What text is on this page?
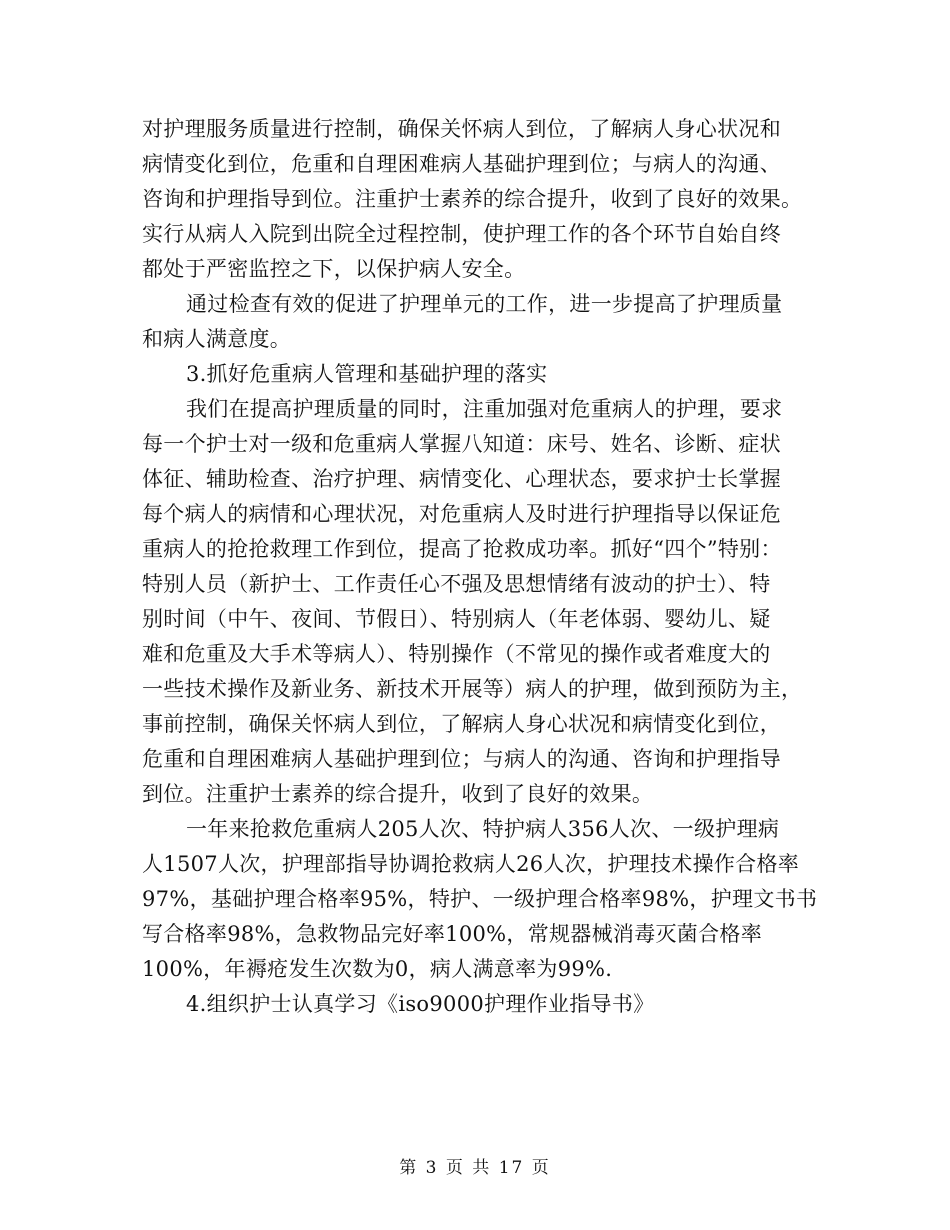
对护理服务质量进行控制，确保关怀病人到位，了解病人身心状况和
病情变化到位，危重和自理困难病人基础护理到位；与病人的沟通、
咨询和护理指导到位。注重护士素养的综合提升，收到了良好的效果。
实行从病人入院到出院全过程控制，使护理工作的各个环节自始自终
都处于严密监控之下，以保护病人安全。
通过检查有效的促进了护理单元的工作，进一步提高了护理质量
和病人满意度。
3.抓好危重病人管理和基础护理的落实
我们在提高护理质量的同时，注重加强对危重病人的护理，要求
每一个护士对一级和危重病人掌握八知道：床号、姓名、诊断、症状
体征、辅助检查、治疗护理、病情变化、心理状态，要求护士长掌握
每个病人的病情和心理状况，对危重病人及时进行护理指导以保证危
重病人的抢抢救理工作到位，提高了抢救成功率。抓好“四个”特别：
特别人员（新护士、工作责任心不强及思想情绪有波动的护士）、特
别时间（中午、夜间、节假日）、特别病人（年老体弱、婴幼儿、疑
难和危重及大手术等病人）、特别操作（不常见的操作或者难度大的
一些技术操作及新业务、新技术开展等）病人的护理，做到预防为主，
事前控制，确保关怀病人到位，了解病人身心状况和病情变化到位，
危重和自理困难病人基础护理到位；与病人的沟通、咨询和护理指导
到位。注重护士素养的综合提升，收到了良好的效果。
一年来抢救危重病人205人次、特护病人356人次、一级护理病
人1507人次，护理部指导协调抢救病人26人次，护理技术操作合格率
97%，基础护理合格率95%，特护、一级护理合格率98%，护理文书书
写合格率98%，急救物品完好率100%，常规器械消毒灭菌合格率
100%，年褥疮发生次数为0，病人满意率为99%.
4.组织护士认真学习《iso9000护理作业指导书》
第 3 页 共 17 页
